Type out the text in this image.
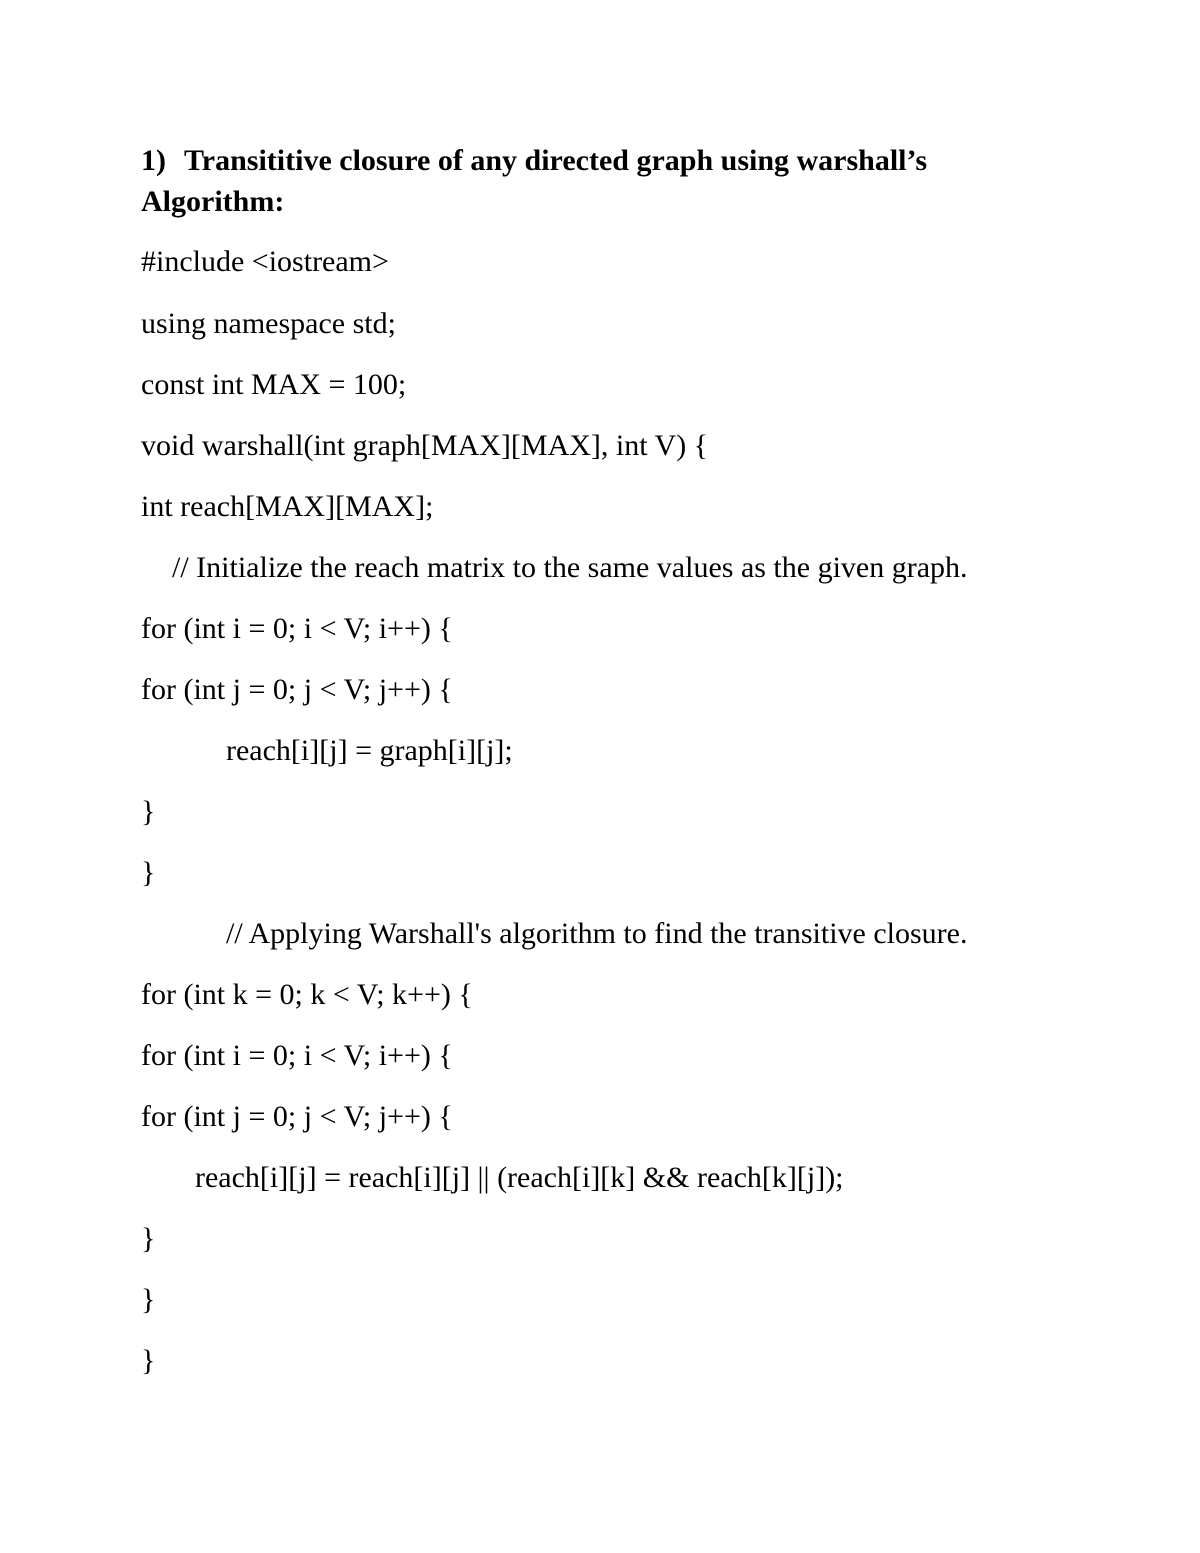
1) Transititive closure of any directed graph using warshall’s Algorithm:
#include <iostream>
using namespace std;
const int MAX = 100;
void warshall(int graph[MAX][MAX], int V) {
int reach[MAX][MAX];
// Initialize the reach matrix to the same values as the given graph.
for (int i = 0; i < V; i++) {
for (int j = 0; j < V; j++) {
reach[i][j] = graph[i][j];
}
}
// Applying Warshall's algorithm to find the transitive closure.
for (int k = 0; k < V; k++) {
for (int i = 0; i < V; i++) {
for (int j = 0; j < V; j++) {
reach[i][j] = reach[i][j] || (reach[i][k] && reach[k][j]);
}
}
}
